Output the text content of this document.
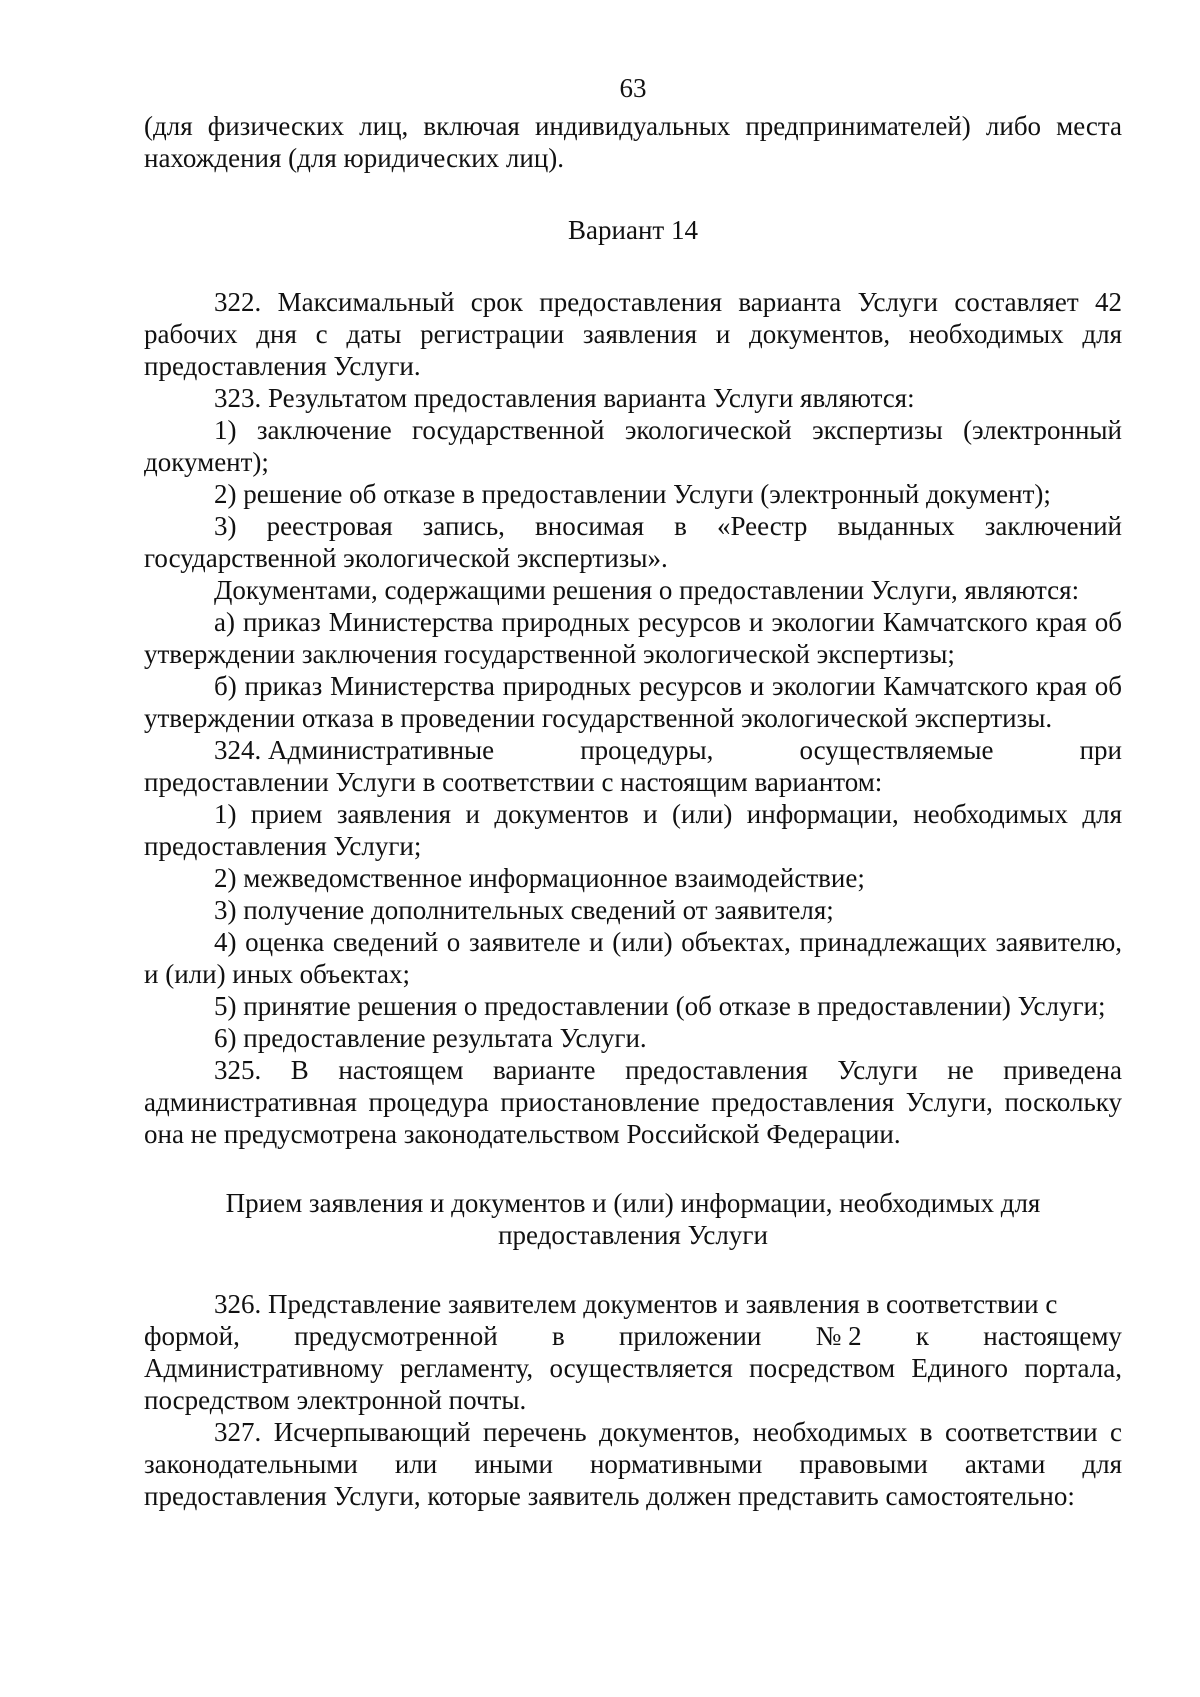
63

(для физических лиц, включая индивидуальных предпринимателей) либо места нахождения (для юридических лиц).

Вариант 14

322. Максимальный срок предоставления варианта Услуги составляет 42 рабочих дня с даты регистрации заявления и документов, необходимых для предоставления Услуги.

323. Результатом предоставления варианта Услуги являются:

1) заключение государственной экологической экспертизы (электронный документ);

2) решение об отказе в предоставлении Услуги (электронный документ);

3) реестровая запись, вносимая в «Реестр выданных заключений государственной экологической экспертизы».

Документами, содержащими решения о предоставлении Услуги, являются:

а) приказ Министерства природных ресурсов и экологии Камчатского края об утверждении заключения государственной экологической экспертизы;

б) приказ Министерства природных ресурсов и экологии Камчатского края об утверждении отказа в проведении государственной экологической экспертизы.

324. Административные	процедуры,	осуществляемые	при

предоставлении Услуги в соответствии с настоящим вариантом:

1) прием заявления и документов и (или) информации, необходимых для предоставления Услуги;

2) межведомственное информационное взаимодействие;

3) получение дополнительных сведений от заявителя;

4) оценка сведений о заявителе и (или) объектах, принадлежащих заявителю, и (или) иных объектах;

5) принятие решения о предоставлении (об отказе в предоставлении) Услуги;

6) предоставление результата Услуги.

325. В настоящем варианте предоставления Услуги не приведена административная процедура приостановление предоставления Услуги, поскольку она не предусмотрена законодательством Российской Федерации.

Прием заявления и документов и (или) информации, необходимых для

предоставления Услуги

326. Представление заявителем документов и заявления в соответствии с

формой, предусмотренной в приложении № 2 к настоящему

Административному регламенту, осуществляется посредством Единого портала, посредством электронной почты.

327. Исчерпывающий перечень документов, необходимых в соответствии с законодательными или иными нормативными правовыми актами для предоставления Услуги, которые заявитель должен представить самостоятельно:
